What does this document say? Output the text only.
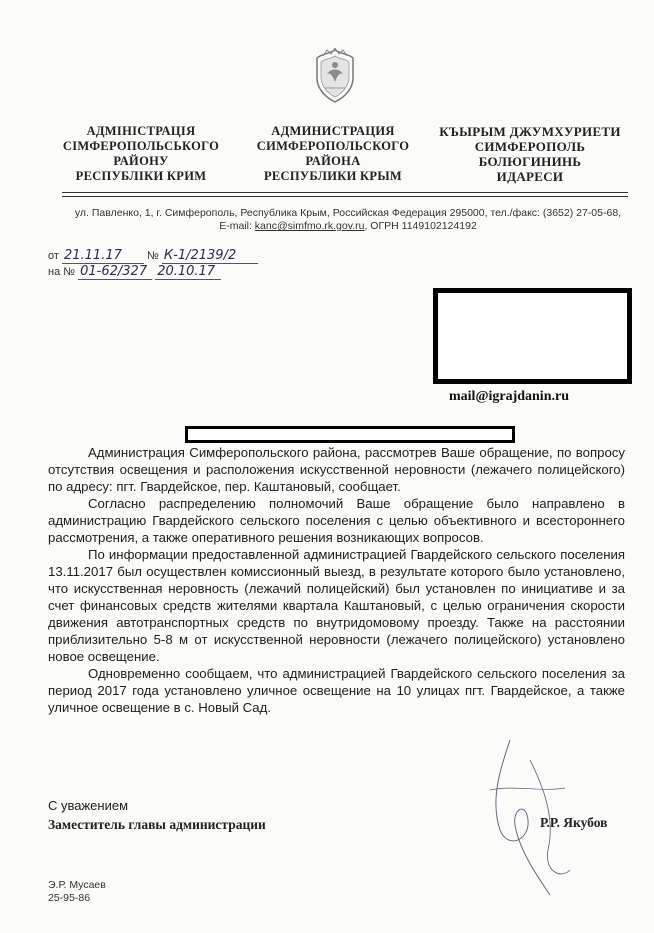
АДМІНІСТРАЦІЯ
СІМФЕРОПОЛЬСЬКОГО
РАЙОНУ
РЕСПУБЛІКИ КРИМ
АДМИНИСТРАЦИЯ
СИМФЕРОПОЛЬСКОГО
РАЙОНА
РЕСПУБЛИКИ КРЫМ
КЪЫРЫМ ДЖУМХУРИЕТИ
СИМФЕРОПОЛЬ
БОЛЮГИНИНЬ
ИДАРЕСИ
ул. Павленко, 1, г. Симферополь, Республика Крым, Российская Федерация 295000, тел./факс: (3652) 27-05-68,
E-mail: kanc@simfmo.rk.gov.ru, ОГРН 1149102124192
от 21.11.17 № К-1/2139/2
на № 01-62/327 20.10.17
mail@igrajdanin.ru

Администрация Симферопольского района, рассмотрев Ваше обращение, по вопросу отсутствия освещения и расположения искусственной неровности (лежачего полицейского) по адресу: пгт. Гвардейское, пер. Каштановый, сообщает.

Согласно распределению полномочий Ваше обращение было направлено в администрацию Гвардейского сельского поселения с целью объективного и всестороннего рассмотрения, а также оперативного решения возникающих вопросов.

По информации предоставленной администрацией Гвардейского сельского поселения 13.11.2017 был осуществлен комиссионный выезд, в результате которого было установлено, что искусственная неровность (лежачий полицейский) был установлен по инициативе и за счет финансовых средств жителями квартала Каштановый, с целью ограничения скорости движения автотранспортных средств по внутридомовому проезду. Также на расстоянии приблизительно 5-8 м от искусственной неровности (лежачего полицейского) установлено новое освещение.

Одновременно сообщаем, что администрацией Гвардейского сельского поселения за период 2017 года установлено уличное освещение на 10 улицах пгт. Гвардейское, а также уличное освещение в с. Новый Сад.

С уважением
Заместитель главы администрации	Р.Р. Якубов
Э.Р. Мусаев
25-95-86
